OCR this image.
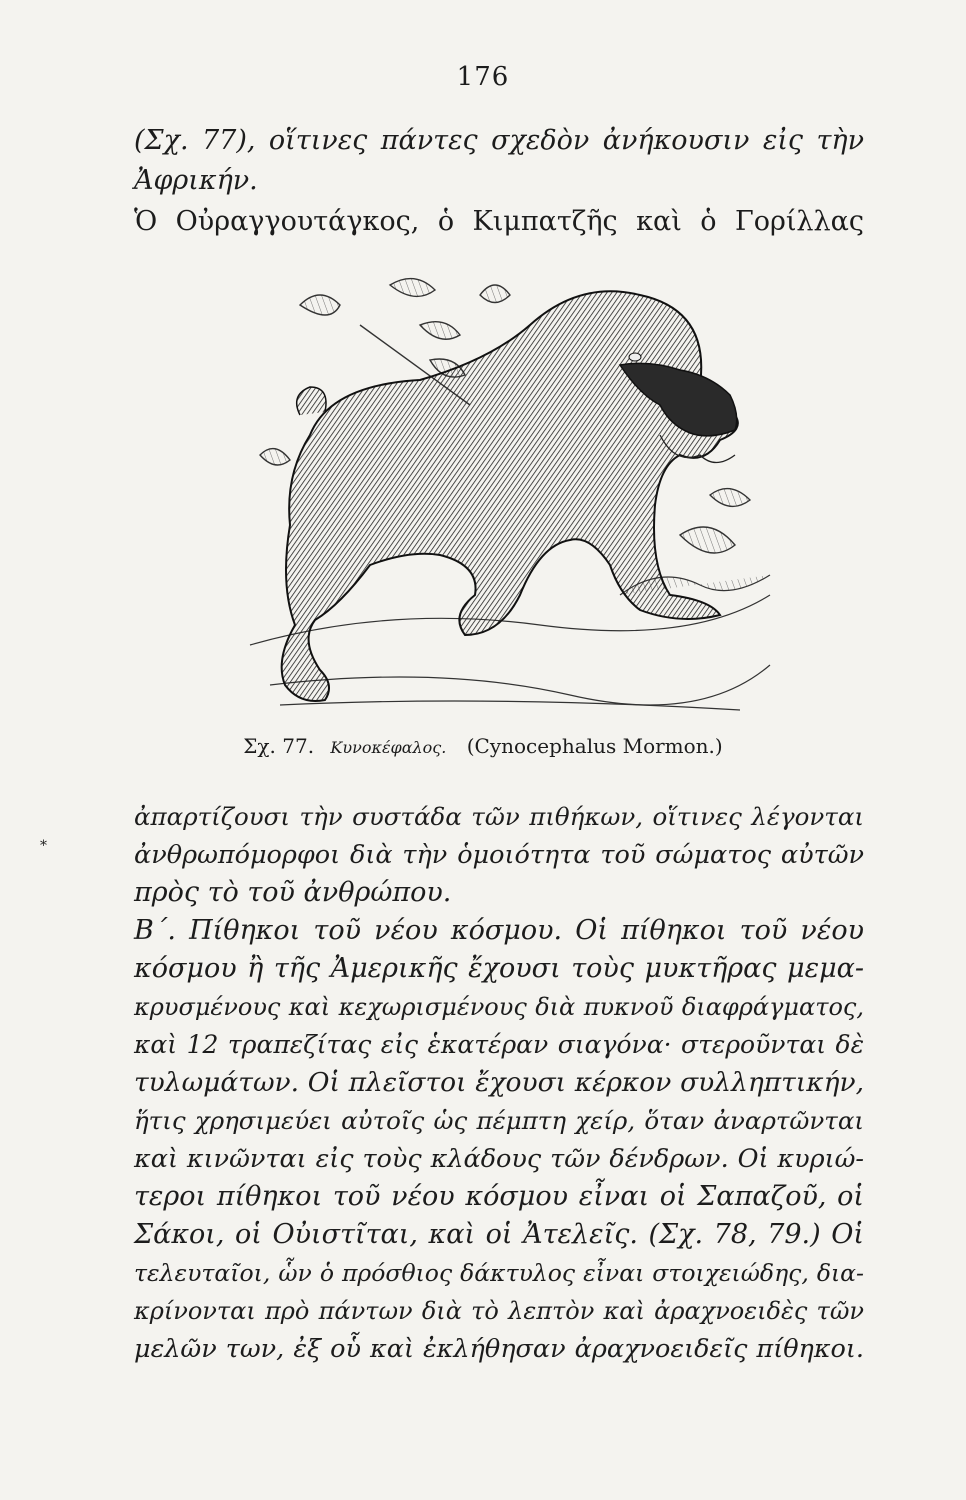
176
(Σχ. 77), οἵτινες πάντες σχεδὸν ἀνήκουσιν εἰς τὴν
Ἀφρικήν.
Ὁ Οὐραγγουτάγκος, ὁ Κιμπατζῆς καὶ ὁ Γορίλλας
Σχ. 77. Κυνοκέφαλος. (Cynocephalus Mormon.)
*
ἀπαρτίζουσι τὴν συστάδα τῶν πιθήκων, οἵτινες λέγονται
ἀνθρωπόμορφοι διὰ τὴν ὁμοιότητα τοῦ σώματος αὐτῶν
πρὸς τὸ τοῦ ἀνθρώπου.
Β΄. Πίθηκοι τοῦ νέου κόσμου. Οἱ πίθηκοι τοῦ νέου
κόσμου ἢ τῆς Ἀμερικῆς ἔχουσι τοὺς μυκτῆρας μεμα-
κρυσμένους καὶ κεχωρισμένους διὰ πυκνοῦ διαφράγματος,
καὶ 12 τραπεζίτας εἰς ἑκατέραν σιαγόνα· στεροῦνται δὲ
τυλωμάτων. Οἱ πλεῖστοι ἔχουσι κέρκον συλληπτικήν,
ἥτις χρησιμεύει αὐτοῖς ὡς πέμπτη χείρ, ὅταν ἀναρτῶνται
καὶ κινῶνται εἰς τοὺς κλάδους τῶν δένδρων. Οἱ κυριώ-
τεροι πίθηκοι τοῦ νέου κόσμου εἶναι οἱ Σαπαζοῦ, οἱ
Σάκοι, οἱ Οὐιστῖται, καὶ οἱ Ἀτελεῖς. (Σχ. 78, 79.) Οἱ
τελευταῖοι, ὧν ὁ πρόσθιος δάκτυλος εἶναι στοιχειώδης, δια-
κρίνονται πρὸ πάντων διὰ τὸ λεπτὸν καὶ ἀραχνοειδὲς τῶν
μελῶν των, ἐξ οὗ καὶ ἐκλήθησαν ἀραχνοειδεῖς πίθηκοι.
